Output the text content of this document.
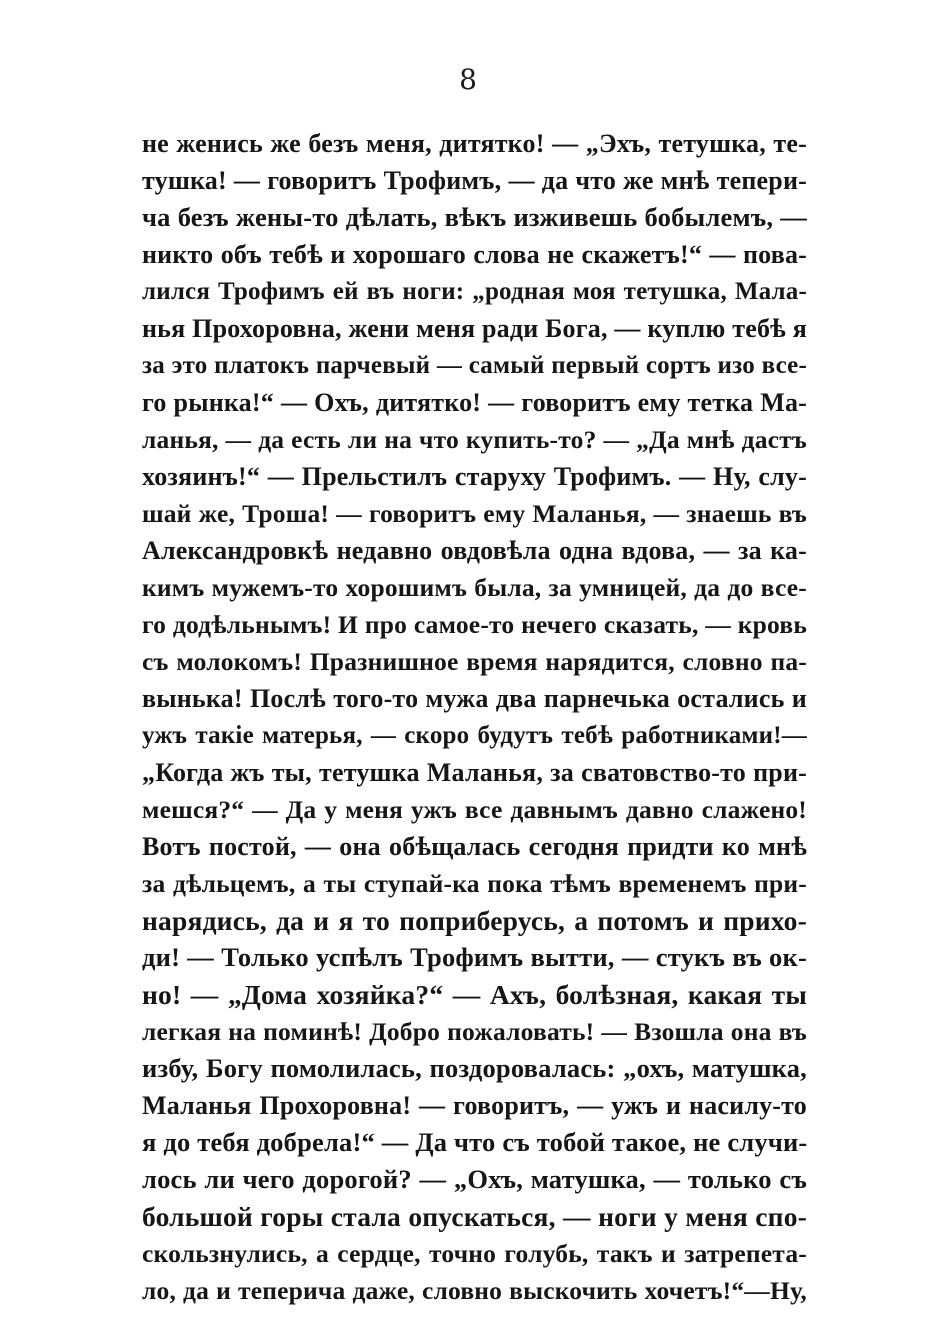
8
не женись же безъ меня, дитятко! — „Эхъ, тетушка, те-
тушка! — говоритъ Трофимъ, — да что же мнѣ тепери-
ча безъ жены-то дѣлать, вѣкъ изживешь бобылемъ, —
никто объ тебѣ и хорошаго слова не скажетъ!“ — пова-
лился Трофимъ ей въ ноги: „родная моя тетушка, Мала-
нья Прохоровна, жени меня ради Бога, — куплю тебѣ я
за это платокъ парчевый — самый первый сортъ изо все-
го рынка!“ — Охъ, дитятко! — говоритъ ему тетка Ма-
ланья, — да есть ли на что купить-то? — „Да мнѣ дастъ
хозяинъ!“ — Прельстилъ старуху Трофимъ. — Ну, слу-
шай же, Троша! — говоритъ ему Маланья, — знаешь въ
Александровкѣ недавно овдовѣла одна вдова, — за ка-
кимъ мужемъ-то хорошимъ была, за умницей, да до все-
го додѣльнымъ! И про самое-то нечего сказать, — кровь
съ молокомъ! Празнишное время нарядится, словно па-
вынька! Послѣ того-то мужа два парнечька остались и
ужъ такіе матерья, — скоро будутъ тебѣ работниками!—
„Когда жъ ты, тетушка Маланья, за сватовство-то при-
мешся?“ — Да у меня ужъ все давнымъ давно слажено!
Вотъ постой, — она обѣщалась сегодня придти ко мнѣ
за дѣльцемъ, а ты ступай-ка пока тѣмъ временемъ при-
нарядись, да и я то поприберусь, а потомъ и прихо-
ди! — Только успѣлъ Трофимъ вытти, — стукъ въ ок-
но! — „Дома хозяйка?“ — Ахъ, болѣзная, какая ты
легкая на поминѣ! Добро пожаловать! — Взошла она въ
избу, Богу помолилась, поздоровалась: „охъ, матушка,
Маланья Прохоровна! — говоритъ, — ужъ и насилу-то
я до тебя добрела!“ — Да что съ тобой такое, не случи-
лось ли чего дорогой? — „Охъ, матушка, — только съ
большой горы стала опускаться, — ноги у меня спо-
скользнулись, а сердце, точно голубь, такъ и затрепета-
ло, да и теперича даже, словно выскочить хочетъ!“—Ну,
